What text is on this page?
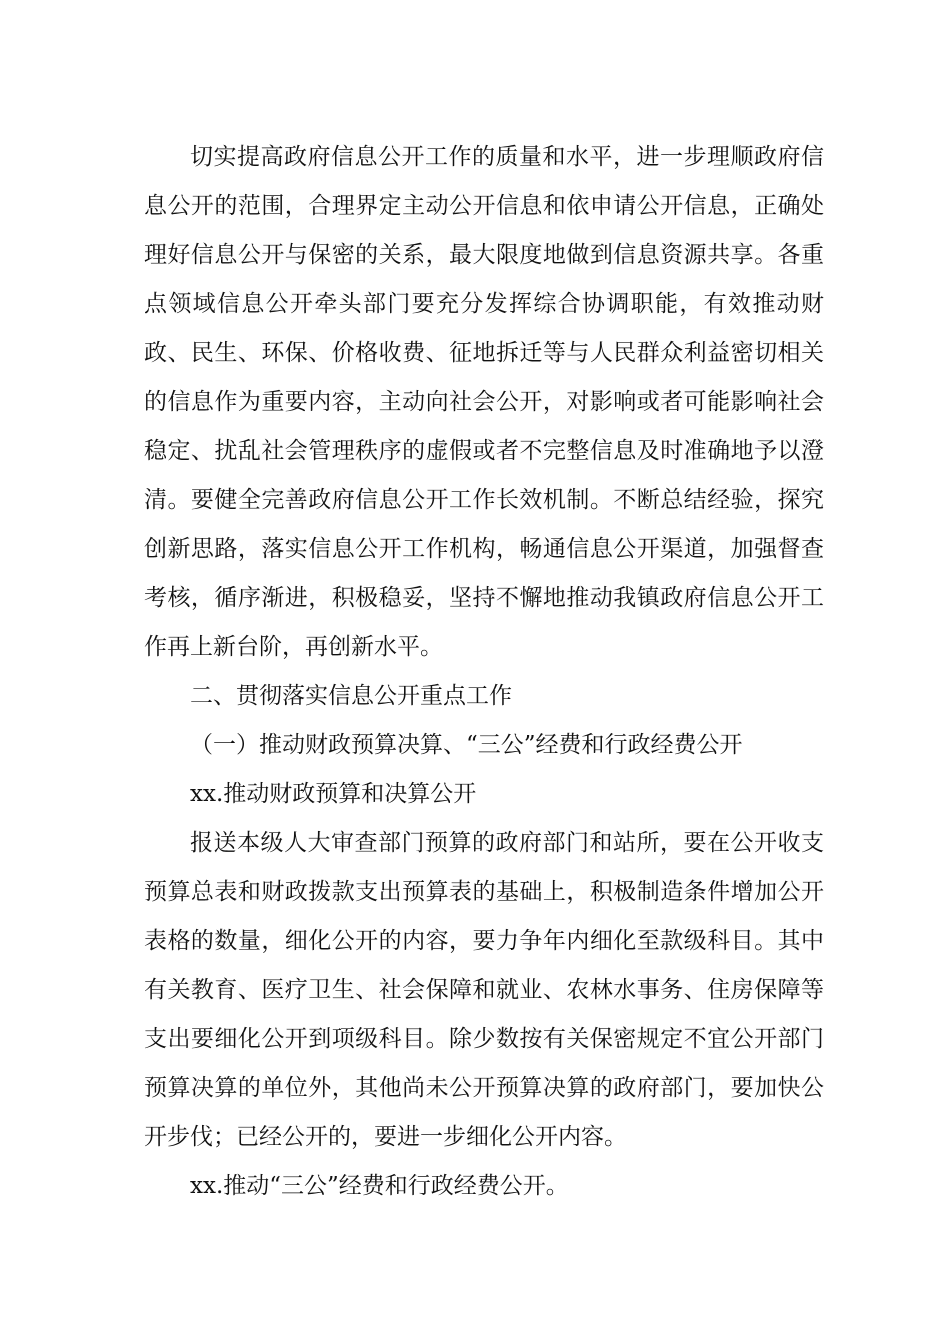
切实提高政府信息公开工作的质量和水平，进一步理顺政府信息公开的范围，合理界定主动公开信息和依申请公开信息，正确处理好信息公开与保密的关系，最大限度地做到信息资源共享。各重点领域信息公开牵头部门要充分发挥综合协调职能，有效推动财政、民生、环保、价格收费、征地拆迁等与人民群众利益密切相关的信息作为重要内容，主动向社会公开，对影响或者可能影响社会稳定、扰乱社会管理秩序的虚假或者不完整信息及时准确地予以澄清。要健全完善政府信息公开工作长效机制。不断总结经验，探究创新思路，落实信息公开工作机构，畅通信息公开渠道，加强督查考核，循序渐进，积极稳妥，坚持不懈地推动我镇政府信息公开工作再上新台阶，再创新水平。

二、贯彻落实信息公开重点工作

（一）推动财政预算决算、“三公”经费和行政经费公开

xx.推动财政预算和决算公开

报送本级人大审查部门预算的政府部门和站所，要在公开收支预算总表和财政拨款支出预算表的基础上，积极制造条件增加公开表格的数量，细化公开的内容，要力争年内细化至款级科目。其中有关教育、医疗卫生、社会保障和就业、农林水事务、住房保障等支出要细化公开到项级科目。除少数按有关保密规定不宜公开部门预算决算的单位外，其他尚未公开预算决算的政府部门，要加快公开步伐；已经公开的，要进一步细化公开内容。

xx.推动“三公”经费和行政经费公开。
